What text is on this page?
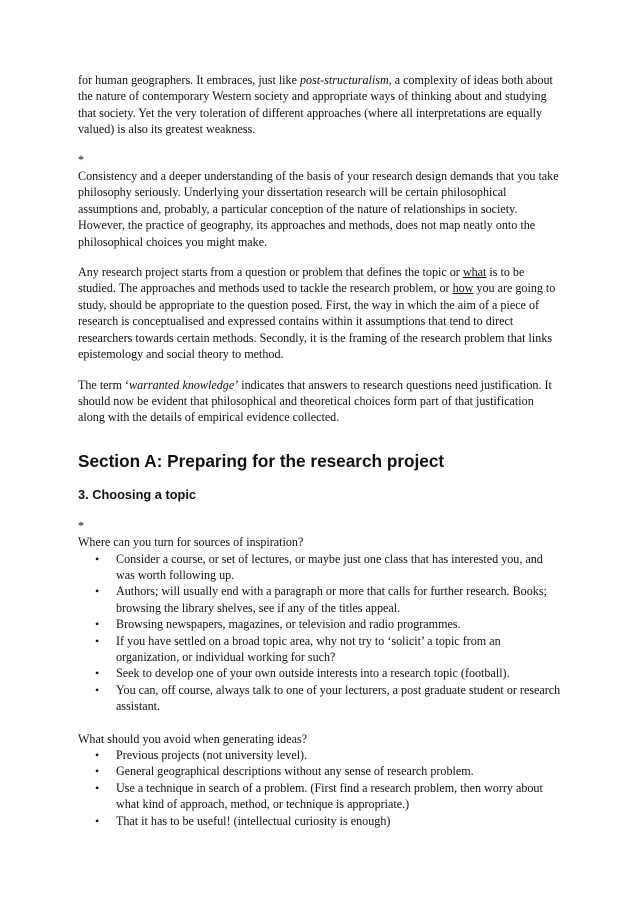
for human geographers. It embraces, just like post-structuralism, a complexity of ideas both about the nature of contemporary Western society and appropriate ways of thinking about and studying that society. Yet the very toleration of different approaches (where all interpretations are equally valued) is also its greatest weakness.

*

Consistency and a deeper understanding of the basis of your research design demands that you take philosophy seriously. Underlying your dissertation research will be certain philosophical assumptions and, probably, a particular conception of the nature of relationships in society. However, the practice of geography, its approaches and methods, does not map neatly onto the philosophical choices you might make.

Any research project starts from a question or problem that defines the topic or what is to be studied. The approaches and methods used to tackle the research problem, or how you are going to study, should be appropriate to the question posed. First, the way in which the aim of a piece of research is conceptualised and expressed contains within it assumptions that tend to direct researchers towards certain methods. Secondly, it is the framing of the research problem that links epistemology and social theory to method.

The term ‘warranted knowledge’ indicates that answers to research questions need justification. It should now be evident that philosophical and theoretical choices form part of that justification along with the details of empirical evidence collected.

Section A: Preparing for the research project
3. Choosing a topic

*

Where can you turn for sources of inspiration?

• Consider a course, or set of lectures, or maybe just one class that has interested you, and was worth following up.
• Authors; will usually end with a paragraph or more that calls for further research. Books; browsing the library shelves, see if any of the titles appeal.
• Browsing newspapers, magazines, or television and radio programmes.
• If you have settled on a broad topic area, why not try to ‘solicit’ a topic from an organization, or individual working for such?
• Seek to develop one of your own outside interests into a research topic (football).
• You can, off course, always talk to one of your lecturers, a post graduate student or research assistant.

What should you avoid when generating ideas?

• Previous projects (not university level).
• General geographical descriptions without any sense of research problem.
• Use a technique in search of a problem. (First find a research problem, then worry about what kind of approach, method, or technique is appropriate.)
• That it has to be useful! (intellectual curiosity is enough)
